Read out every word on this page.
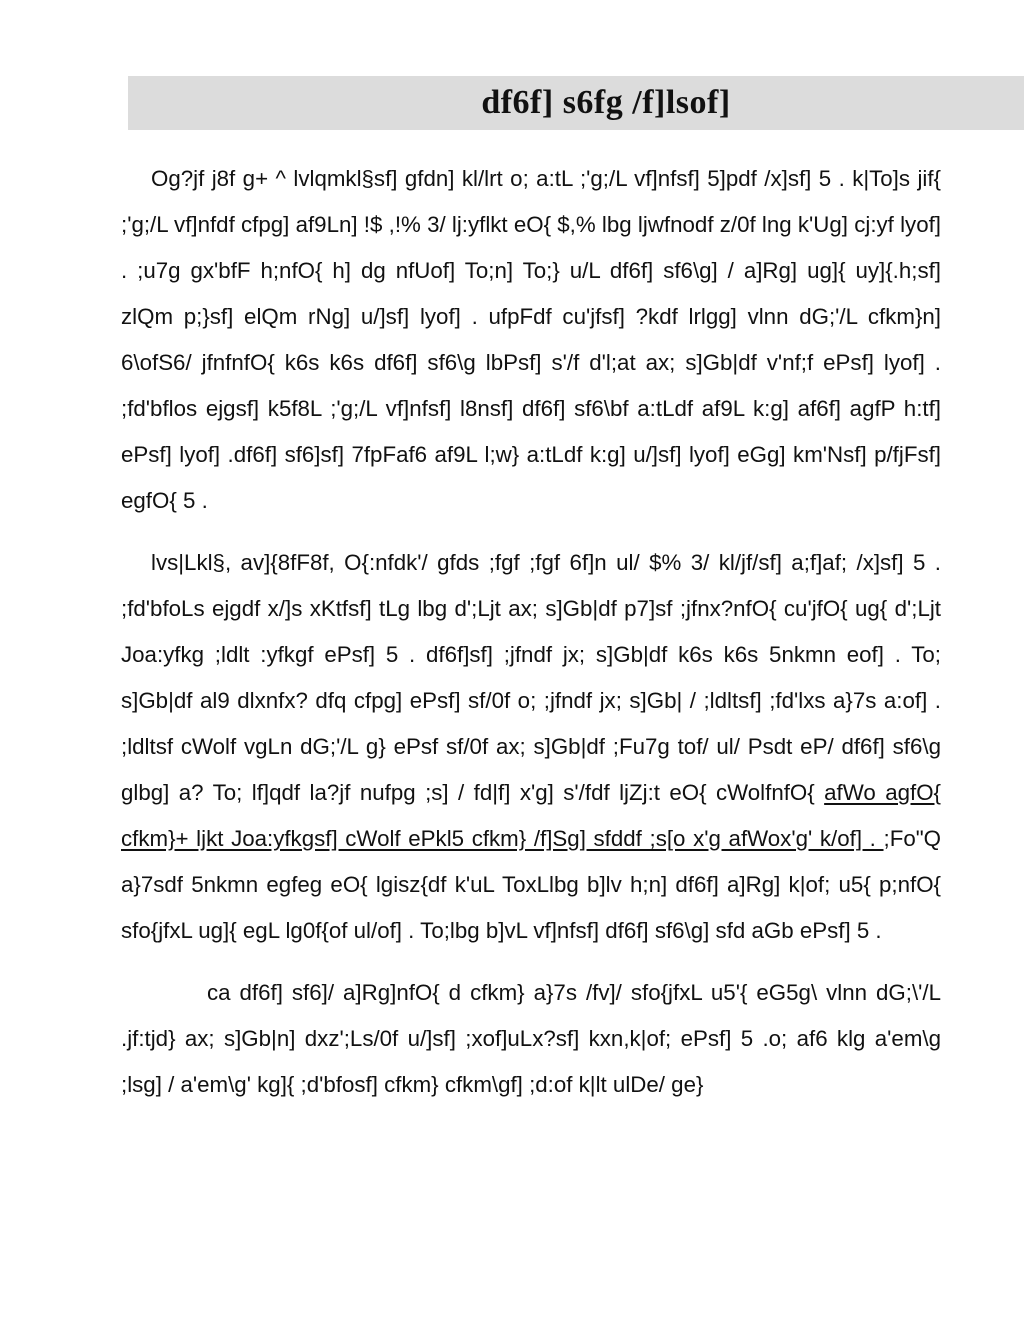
df6f] s6fg /f]lsof]

Og?jf j8f g+ ^ lvlqmkl§sf] gfdn] kl/lrt o; a:tL ;'g;/L vf]nfsf] 5]pdf /x]sf] 5 . k|To]s jif{ ;'g;/L vf]nfdf cfpg] af9Ln] !$ ,!% 3/ lj:yflkt eO{ $,% lbg ljwfnodf z/0f lng k'Ug] cj:yf lyof] . ;u7g gx'bfF h;nfO{ h] dg nfUof] To;n] To;} u/L df6f] sf6\g] / a]Rg] ug]{ uy]{.h;sf] zlQm p;}sf] elQm rNg] u/]sf] lyof] . ufpFdf cu'jfsf] ?kdf lrlgg] vlnn dG;'/L cfkm}n] 6\ofS6/ jfnfnfO{ k6s k6s df6f] sf6\g lbPsf] s'/f d'l;at ax; s]Gb|df v'nf;f ePsf] lyof] . ;fd'bflos ejgsf] k5f8L ;'g;/L vf]nfsf] l8nsf] df6f] sf6\bf a:tLdf af9L k:g] af6f] agfP h:tf] ePsf] lyof] .df6f] sf6]sf] 7fpFaf6 af9L l;w} a:tLdf k:g] u/]sf] lyof] eGg] km'Nsf] p/fjFsf] egfO{ 5 .

lvs|Lkl§, av]{8fF8f, O{:nfdk'/ gfds ;fgf ;fgf 6f]n ul/ $% 3/ kl/jf/sf] a;f]af; /x]sf] 5 . ;fd'bfoLs ejgdf x/]s xKtfsf] tLg lbg d';Ljt ax; s]Gb|df p7]sf ;jfnx?nfO{ cu'jfO{ ug{ d';Ljt Joa:yfkg ;ldlt :yfkgf ePsf] 5 . df6f]sf] ;jfndf jx; s]Gb|df k6s k6s 5nkmn eof] . To; s]Gb|df al9 dlxnfx? dfq cfpg] ePsf] sf/0f o; ;jfndf jx; s]Gb| / ;ldltsf] ;fd'lxs a}7s a:of] . ;ldltsf cWolf vgLn dG;'/L g} ePsf sf/0f ax; s]Gb|df ;Fu7g tof/ ul/ Psdt eP/ df6f] sf6\g glbg] a? To; lf]qdf la?jf nufpg ;s] / fd|f] x'g] s'/fdf ljZj:t eO{ cWolfnfO{ afWo agfO{ cfkm}+ ljkt Joa:yfkgsf] cWolf ePkl5 cfkm} /f]Sg] sfddf ;s[o x'g afWox'g' k/of] . ;Fo"Q a}7sdf 5nkmn egfeg eO{ lgisz{df k'uL ToxLlbg b]lv h;n] df6f] a]Rg] k|of; u5{ p;nfO{ sfo{jfxL ug]{ egL lg0f{of ul/of] . To;lbg b]vL vf]nfsf] df6f] sf6\g] sfd aGb ePsf] 5 .

ca df6f] sf6]/ a]Rg]nfO{ d cfkm} a}7s /fv]/ sfo{jfxL u5'{ eG5g\ vlnn dG;\'/L .jf:tjd} ax; s]Gb|n] dxz';Ls/0f u/]sf] ;xof]uLx?sf] kxn,k|of; ePsf] 5 .o; af6 klg a'em\g ;lsg] / a'em\g' kg]{ ;d'bfosf] cfkm} cfkm\gf] ;d:of k|lt ulDe/ ge}
